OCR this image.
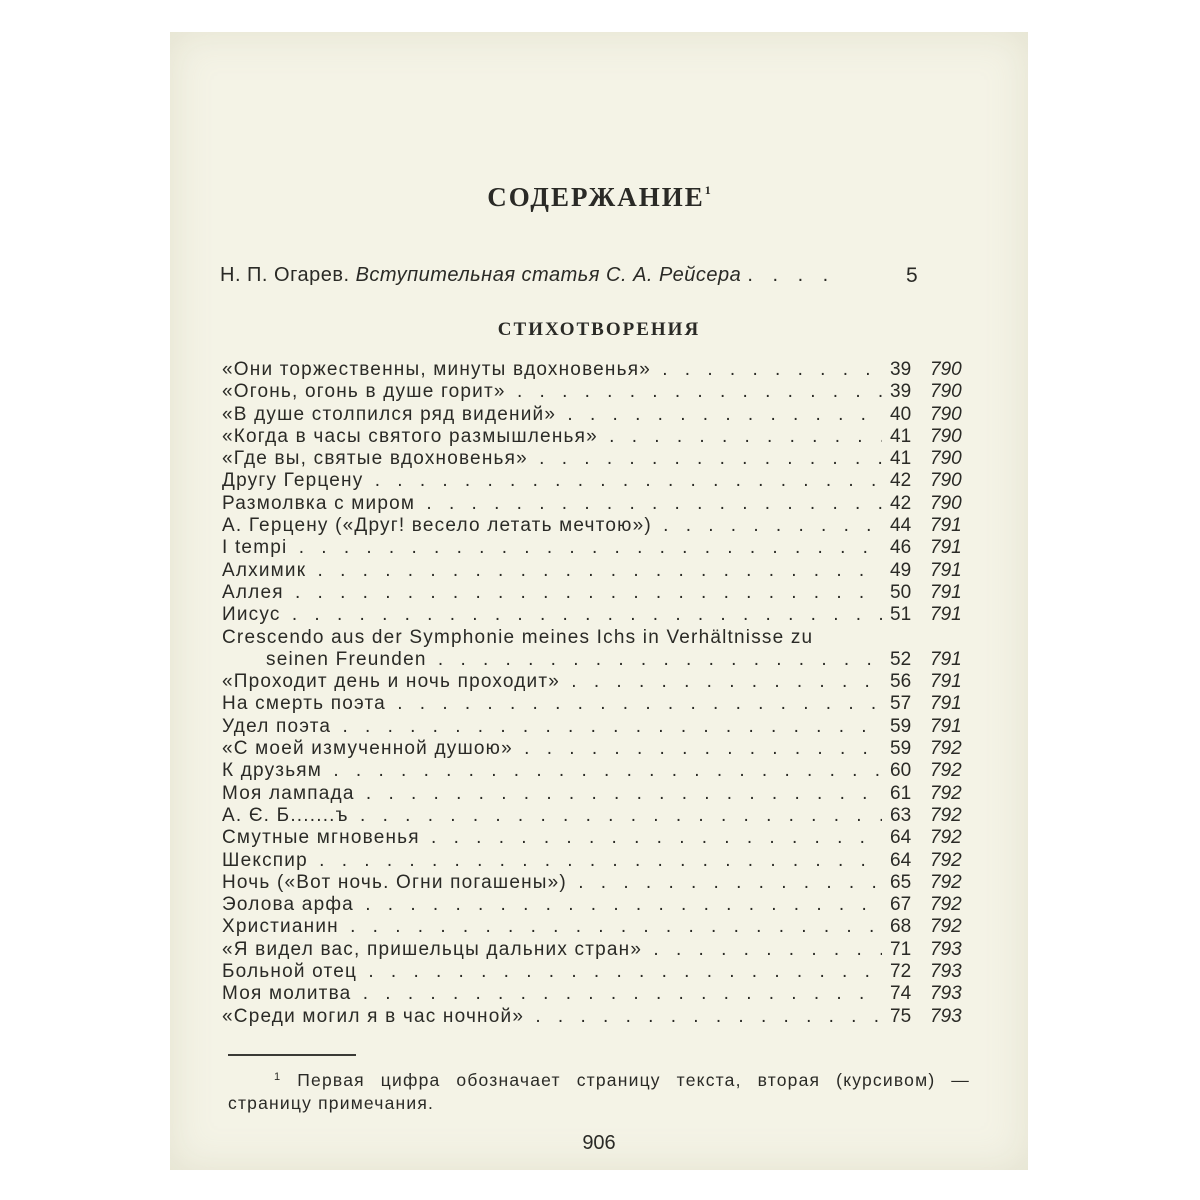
СОДЕРЖАНИЕ$^1$
Н. П. Огарев. Вступительная статья С. А. Рейсера . . . .	5
СТИХОТВОРЕНИЯ
«Они торжественны, минуты вдохновенья» . . .	39 790
«Огонь, огонь в душе горит» . . .	39 790
«В душе столпился ряд видений» . . .	40 790
«Когда в часы святого размышленья» . . .	41 790
«Где вы, святые вдохновенья» . . .	41 790
Другу Герцену . . .	42 790
Размолвка с миром . . .	42 790
А. Герцену («Друг! весело летать мечтою») . . .	44 791
I tempi . . .	46 791
Алхимик . . .	49 791
Аллея . . .	50 791
Иисус . . .	51 791
Crescendo aus der Symphonie meines Ichs in Verhältnisse zu
seinen Freunden . . .	52 791
«Проходит день и ночь проходит» . . .	56 791
На смерть поэта . . .	57 791
Удел поэта . . .	59 791
«С моей измученной душою» . . .	59 792
К друзьям . . .	60 792
Моя лампада . . .	61 792
А. Є. Б.......ъ . . .	63 792
Смутные мгновенья . . .	64 792
Шекспир . . .	64 792
Ночь («Вот ночь. Огни погашены») . . .	65 792
Эолова арфа . . .	67 792
Христианин . . .	68 792
«Я видел вас, пришельцы дальних стран» . . .	71 793
Больной отец . . .	72 793
Моя молитва . . .	74 793
«Среди могил я в час ночной» . . .	75 793
$^1$ Первая цифра обозначает страницу текста, вторая (курсивом) — страницу примечания.
906
